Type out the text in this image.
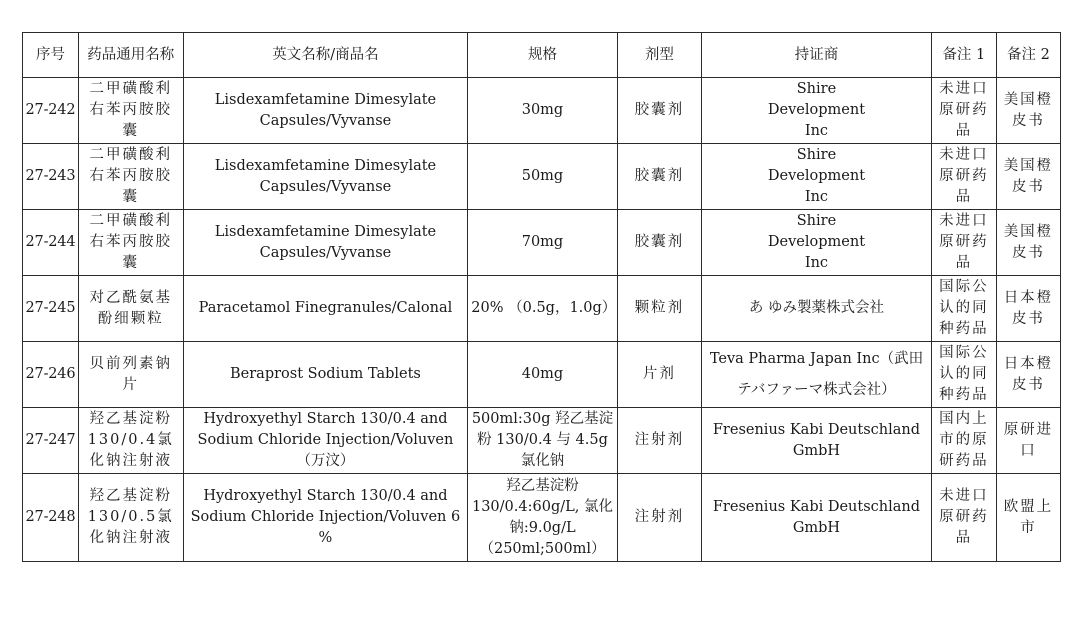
序号	药品通用名称	英文名称/商品名	规格	剂型	持证商	备注 1	备注 2
27-242	二甲磺酸利右苯丙胺胶囊	Lisdexamfetamine Dimesylate Capsules/Vyvanse	30mg	胶囊剂	Shire
Development
Inc	未进口原研药品	美国橙皮书
27-243	二甲磺酸利右苯丙胺胶囊	Lisdexamfetamine Dimesylate Capsules/Vyvanse	50mg	胶囊剂	Shire
Development
Inc	未进口原研药品	美国橙皮书
27-244	二甲磺酸利右苯丙胺胶囊	Lisdexamfetamine Dimesylate Capsules/Vyvanse	70mg	胶囊剂	Shire
Development
Inc	未进口原研药品	美国橙皮书
27-245	对乙酰氨基酚细颗粒	Paracetamol Finegranules/Calonal	20% （0.5g，1.0g）	颗粒剂	あ ゆみ製薬株式会社	国际公认的同种药品	日本橙皮书
27-246	贝前列素钠片	Beraprost Sodium Tablets	40mg	片剂	Teva Pharma Japan Inc（武田
テバファーマ株式会社）	国际公认的同种药品	日本橙皮书
27-247	羟乙基淀粉130/0.4氯化钠注射液	Hydroxyethyl Starch 130/0.4 and Sodium Chloride Injection/Voluven（万汶）	500ml:30g 羟乙基淀粉 130/0.4 与 4.5g 氯化钠	注射剂	Fresenius Kabi Deutschland GmbH	国内上市的原研药品	原研进口
27-248	羟乙基淀粉130/0.5氯化钠注射液	Hydroxyethyl Starch 130/0.4 and Sodium Chloride Injection/Voluven 6 %	羟乙基淀粉 130/0.4:60g/L, 氯化钠:9.0g/L （250ml;500ml）	注射剂	Fresenius Kabi Deutschland GmbH	未进口原研药品	欧盟上市
